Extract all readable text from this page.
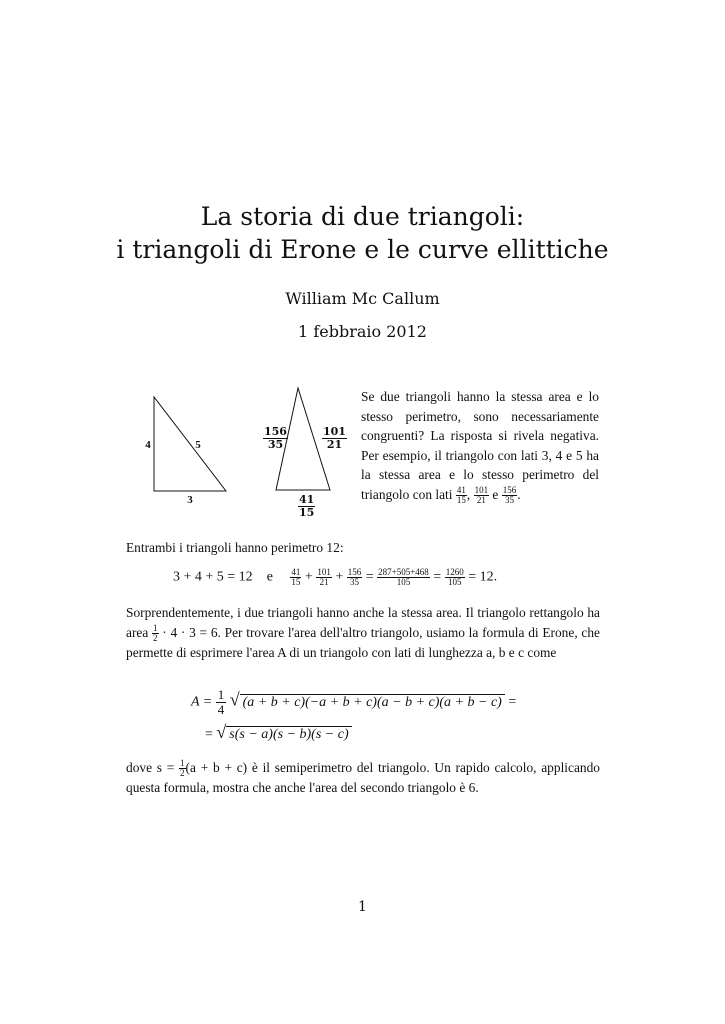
La storia di due triangoli:
i triangoli di Erone e le curve ellittiche
William Mc Callum
1 febbraio 2012
4	5
3
$\frac{156}{35}$	$\frac{101}{21}$
$\frac{41}{15}$
Se due triangoli hanno la stessa area e lo stesso perimetro, sono necessariamente congruenti? La risposta si rivela negativa. Per esempio, il triangolo con lati 3, 4 e 5 ha la stessa area e lo stesso perimetro del triangolo con lati $\frac{41}{15}$ , $\frac{101}{21}$ e $\frac{156}{35}$ .
Entrambi i triangoli hanno perimetro 12:
3 + 4 + 5 = 12 e $\frac{41}{15} + \frac{101}{21} + \frac{156}{35} = \frac{287+505+468}{105} = \frac{1260}{105} = 12$.
Sorprendentemente, i due triangoli hanno anche la stessa area. Il triangolo rettangolo ha area $\frac{1}{2} \cdot 4 \cdot 3 = 6$. Per trovare l'area dell'altro triangolo, usiamo la formula di Erone, che permette di esprimere l'area A di un triangolo con lati di lunghezza a, b e c come
$A = \frac{1}{4}$ √ (a + b + c)(−a + b + c)(a − b + c)(a + b − c) =
= √ s(s − a)(s − b)(s − c)
dove $s = \frac{1}{2} (a + b + c)$ è il semiperimetro del triangolo. Un rapido calcolo, applicando questa formula, mostra che anche l'area del secondo triangolo è 6.
1
